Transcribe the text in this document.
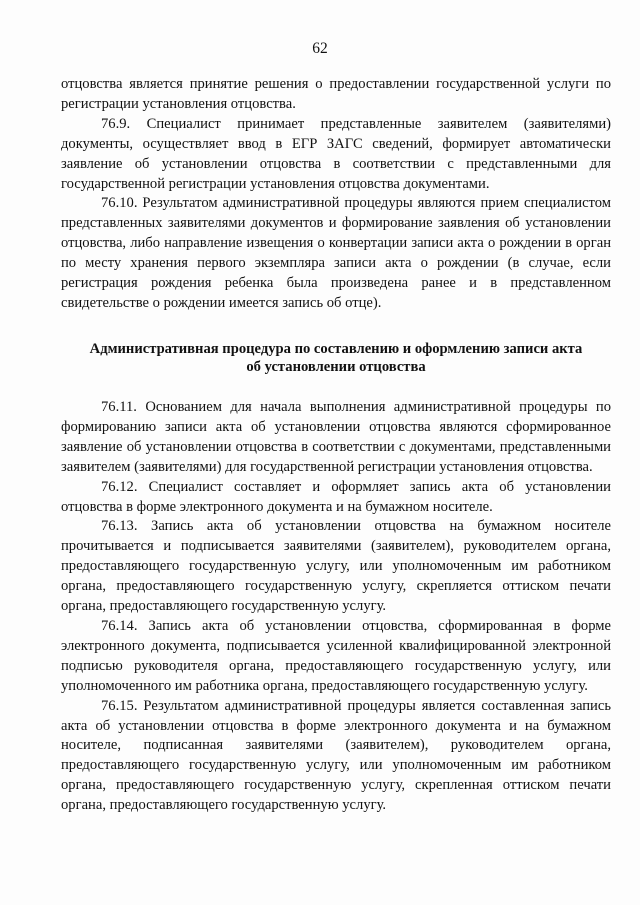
62

отцовства является принятие решения о предоставлении государственной услуги по регистрации установления отцовства.

76.9. Специалист принимает представленные заявителем (заявителями) документы, осуществляет ввод в ЕГР ЗАГС сведений, формирует автоматически заявление об установлении отцовства в соответствии с представленными для государственной регистрации установления отцовства документами.

76.10. Результатом административной процедуры являются прием специалистом представленных заявителями документов и формирование заявления об установлении отцовства, либо направление извещения о конвертации записи акта о рождении в орган по месту хранения первого экземпляра записи акта о рождении (в случае, если регистрация рождения ребенка была произведена ранее и в представленном свидетельстве о рождении имеется запись об отце).

Административная процедура по составлению и оформлению записи акта
об установлении отцовства

76.11. Основанием для начала выполнения административной процедуры по формированию записи акта об установлении отцовства являются сформированное заявление об установлении отцовства в соответствии с документами, представленными заявителем (заявителями) для государственной регистрации установления отцовства.

76.12. Специалист составляет и оформляет запись акта об установлении отцовства в форме электронного документа и на бумажном носителе.

76.13. Запись акта об установлении отцовства на бумажном носителе прочитывается и подписывается заявителями (заявителем), руководителем органа, предоставляющего государственную услугу, или уполномоченным им работником органа, предоставляющего государственную услугу, скрепляется оттиском печати органа, предоставляющего государственную услугу.

76.14. Запись акта об установлении отцовства, сформированная в форме электронного документа, подписывается усиленной квалифицированной электронной подписью руководителя органа, предоставляющего государственную услугу, или уполномоченного им работника органа, предоставляющего государственную услугу.

76.15. Результатом административной процедуры является составленная запись акта об установлении отцовства в форме электронного документа и на бумажном носителе, подписанная заявителями (заявителем), руководителем органа, предоставляющего государственную услугу, или уполномоченным им работником органа, предоставляющего государственную услугу, скрепленная оттиском печати органа, предоставляющего государственную услугу.
